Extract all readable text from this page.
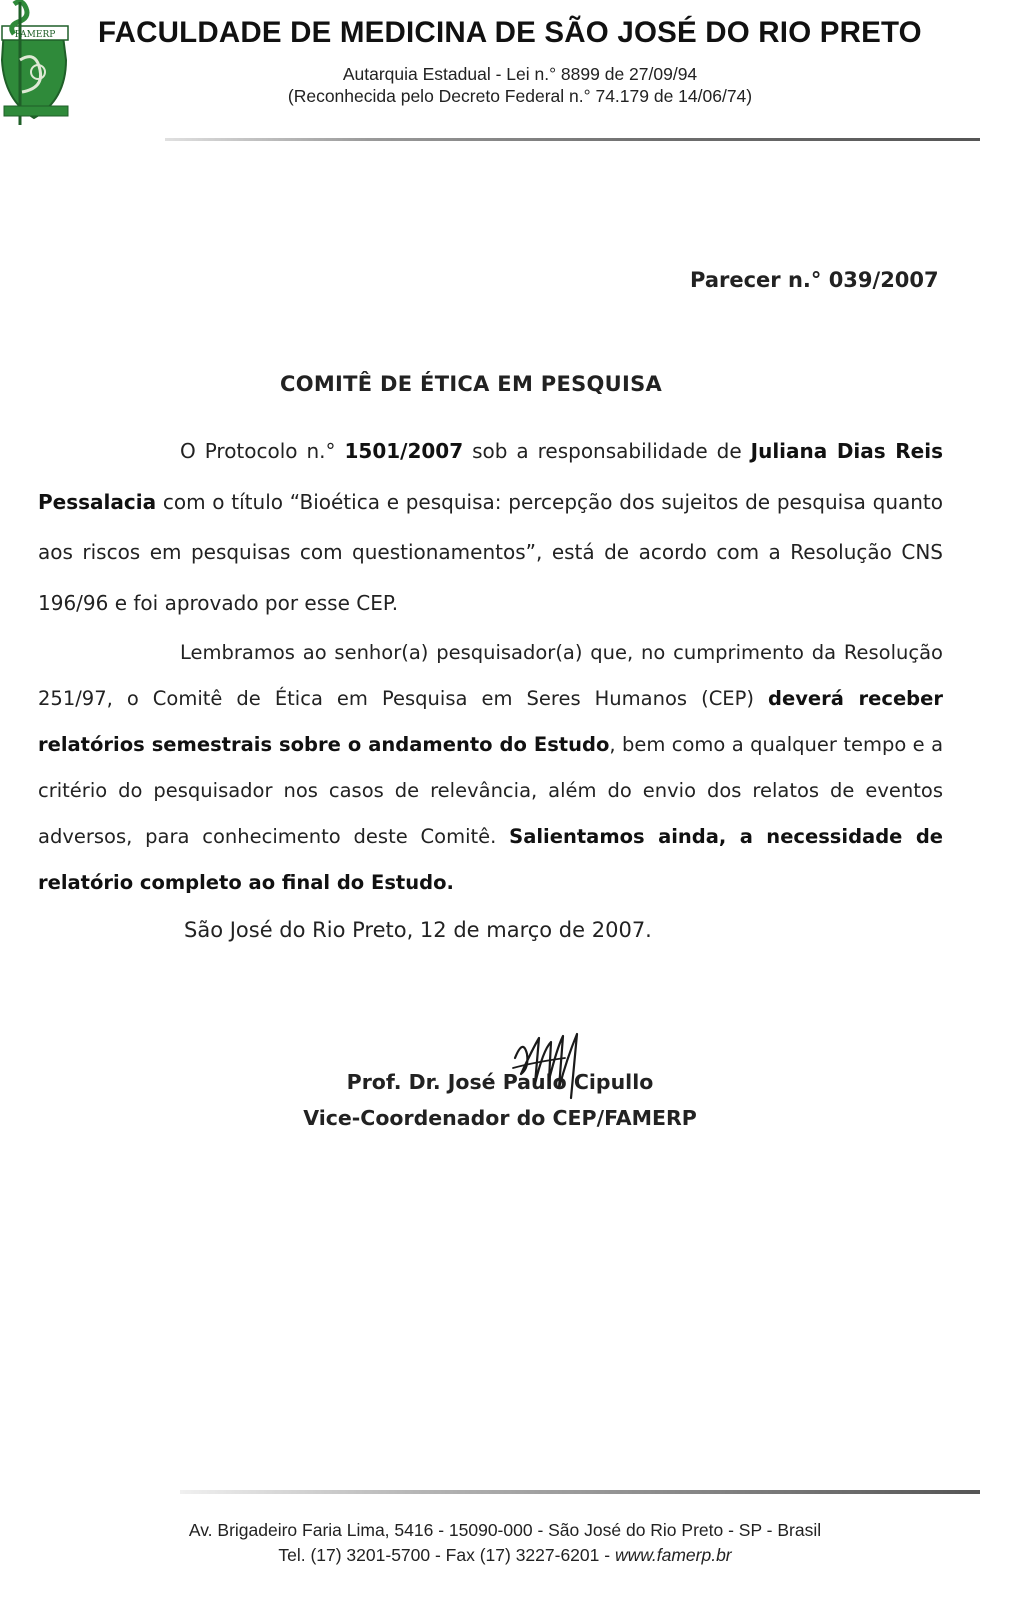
FAMERP FACULDADE DE MEDICINA DE SÃO JOSÉ DO RIO PRETO
Autarquia Estadual - Lei n.° 8899 de 27/09/94
(Reconhecida pelo Decreto Federal n.° 74.179 de 14/06/74)
Parecer n.° 039/2007
COMITÊ DE ÉTICA EM PESQUISA

O Protocolo n.° 1501/2007 sob a responsabilidade de Juliana Dias Reis Pessalacia com o título “Bioética e pesquisa: percepção dos sujeitos de pesquisa quanto aos riscos em pesquisas com questionamentos”, está de acordo com a Resolução CNS 196/96 e foi aprovado por esse CEP.

Lembramos ao senhor(a) pesquisador(a) que, no cumprimento da Resolução 251/97, o Comitê de Ética em Pesquisa em Seres Humanos (CEP) deverá receber relatórios semestrais sobre o andamento do Estudo, bem como a qualquer tempo e a critério do pesquisador nos casos de relevância, além do envio dos relatos de eventos adversos, para conhecimento deste Comitê. Salientamos ainda, a necessidade de relatório completo ao final do Estudo.

São José do Rio Preto, 12 de março de 2007.
Prof. Dr. José Paulo Cipullo
Vice-Coordenador do CEP/FAMERP
Av. Brigadeiro Faria Lima, 5416 - 15090-000 - São José do Rio Preto - SP - Brasil
Tel. (17) 3201-5700 - Fax (17) 3227-6201 - www.famerp.br
